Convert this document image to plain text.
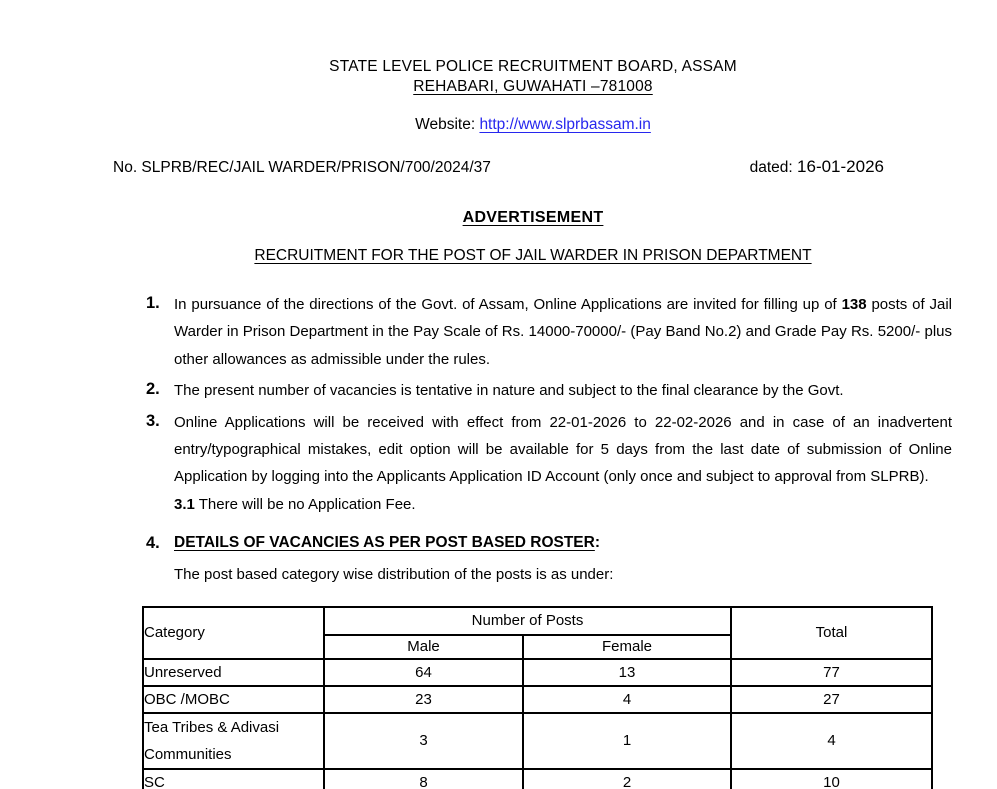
STATE LEVEL POLICE RECRUITMENT BOARD, ASSAM
REHABARI, GUWAHATI –781008
Website: http://www.slprbassam.in
No. SLPRB/REC/JAIL WARDER/PRISON/700/2024/37	dated: 16-01-2026
ADVERTISEMENT
RECRUITMENT FOR THE POST OF JAIL WARDER IN PRISON DEPARTMENT
1. In pursuance of the directions of the Govt. of Assam, Online Applications are invited for filling up of 138 posts of Jail Warder in Prison Department in the Pay Scale of Rs. 14000-70000/- (Pay Band No.2) and Grade Pay Rs. 5200/- plus other allowances as admissible under the rules.
2. The present number of vacancies is tentative in nature and subject to the final clearance by the Govt.
3. Online Applications will be received with effect from 22-01-2026 to 22-02-2026 and in case of an inadvertent entry/typographical mistakes, edit option will be available for 5 days from the last date of submission of Online Application by logging into the Applicants Application ID Account (only once and subject to approval from SLPRB).
3.1 There will be no Application Fee.
4. DETAILS OF VACANCIES AS PER POST BASED ROSTER:
The post based category wise distribution of the posts is as under:
Category	Number of Posts		Total
	Male	Female	
Unreserved	64	13	77
OBC /MOBC	23	4	27
Tea Tribes & Adivasi Communities	3	1	4
SC	8	2	10
